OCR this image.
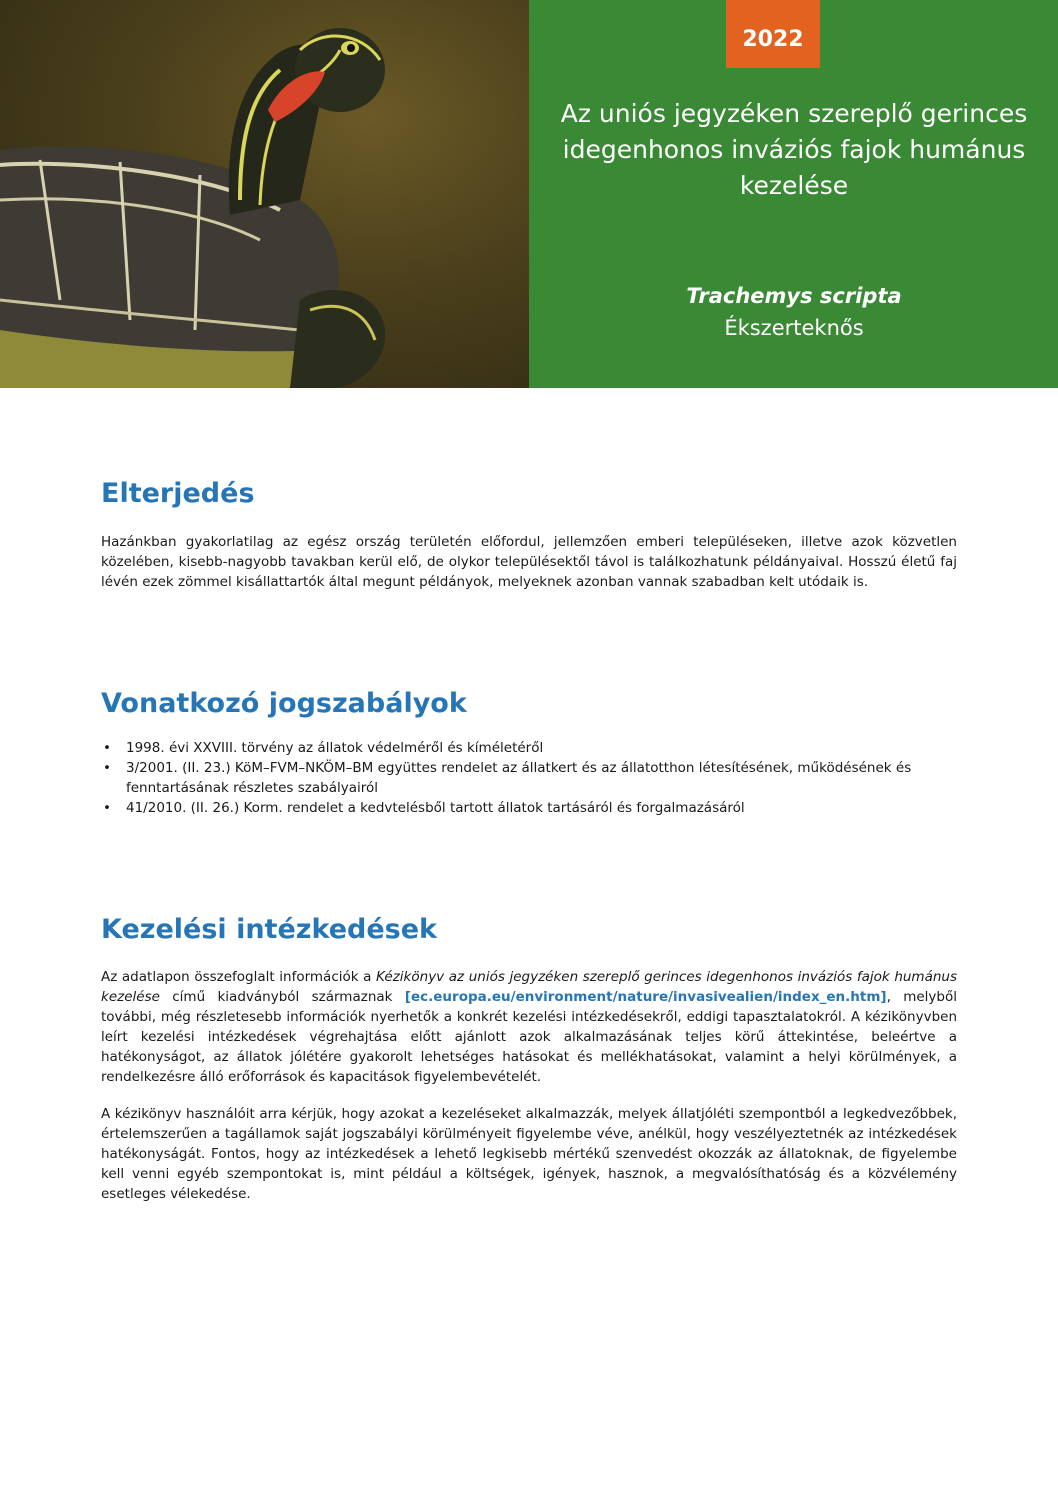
2022
Az uniós jegyzéken szereplő gerinces idegenhonos inváziós fajok humánus kezelése
Trachemys scripta
Ékszerteknős
Elterjedés

Hazánkban gyakorlatilag az egész ország területén előfordul, jellemzően emberi településeken, illetve azok közvetlen közelében, kisebb-nagyobb tavakban kerül elő, de olykor településektől távol is találkozhatunk példányaival. Hosszú életű faj lévén ezek zömmel kisállattartók által megunt példányok, melyeknek azonban vannak szabadban kelt utódaik is.

Vonatkozó jogszabályok
• 1998. évi XXVIII. törvény az állatok védelméről és kíméletéről
• 3/2001. (II. 23.) KöM–FVM–NKÖM–BM együttes rendelet az állatkert és az állatotthon létesítésének, működésének és fenntartásának részletes szabályairól
• 41/2010. (II. 26.) Korm. rendelet a kedvtelésből tartott állatok tartásáról és forgalmazásáról
Kezelési intézkedések

Az adatlapon összefoglalt információk a Kézikönyv az uniós jegyzéken szereplő gerinces idegenhonos inváziós fajok humánus kezelése című kiadványból származnak [ec.europa.eu/environment/nature/invasivealien/index_en.htm], melyből további, még részletesebb információk nyerhetők a konkrét kezelési intézkedésekről, eddigi tapasztalatokról. A kézikönyvben leírt kezelési intézkedések végrehajtása előtt ajánlott azok alkalmazásának teljes körű áttekintése, beleértve a hatékonyságot, az állatok jólétére gyakorolt lehetséges hatásokat és mellékhatásokat, valamint a helyi körülmények, a rendelkezésre álló erőforrások és kapacitások figyelembevételét.

A kézikönyv használóit arra kérjük, hogy azokat a kezeléseket alkalmazzák, melyek állatjóléti szempontból a legkedvezőbbek, értelemszerűen a tagállamok saját jogszabályi körülményeit figyelembe véve, anélkül, hogy veszélyeztetnék az intézkedések hatékonyságát. Fontos, hogy az intézkedések a lehető legkisebb mértékű szenvedést okozzák az állatoknak, de figyelembe kell venni egyéb szempontokat is, mint például a költségek, igények, hasznok, a megvalósíthatóság és a közvélemény esetleges vélekedése.
